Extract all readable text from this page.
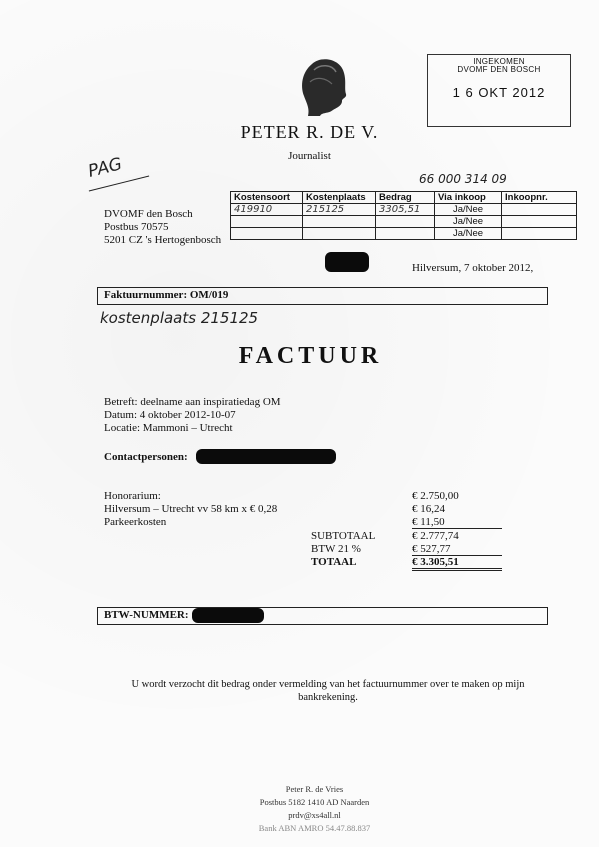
INGEKOMEN
DVOMF DEN BOSCH
1 6 OKT 2012
PETER R. DE V.
Journalist
PAG	66 000 314 09
Kostensoort	Kostenplaats	Bedrag	Via inkoop	Inkoopnr.
419910	215125	3305,51	Ja/Nee	
			Ja/Nee	
			Ja/Nee	
DVOMF den Bosch
Postbus 70575
5201 CZ 's Hertogenbosch
Hilversum, 7 oktober 2012,
Faktuurnummer: OM/019
kostenplaats 215125
FACTUUR
Betreft: deelname aan inspiratiedag OM
Datum: 4 oktober 2012-10-07
Locatie: Mammoni – Utrecht
Contactpersonen:
Honorarium:	€ 2.750,00
Hilversum – Utrecht vv 58 km x € 0,28	€ 16,24
Parkeerkosten	€ 11,50
SUBTOTAAL	€ 2.777,74
BTW 21 %	€ 527,77
TOTAAL	€ 3.305,51
BTW-NUMMER:
U wordt verzocht dit bedrag onder vermelding van het factuurnummer over te maken op mijn bankrekening.
Peter R. de Vries
Postbus 5182 1410 AD Naarden
prdv@xs4all.nl
Bank ABN AMRO 54.47.88.837
